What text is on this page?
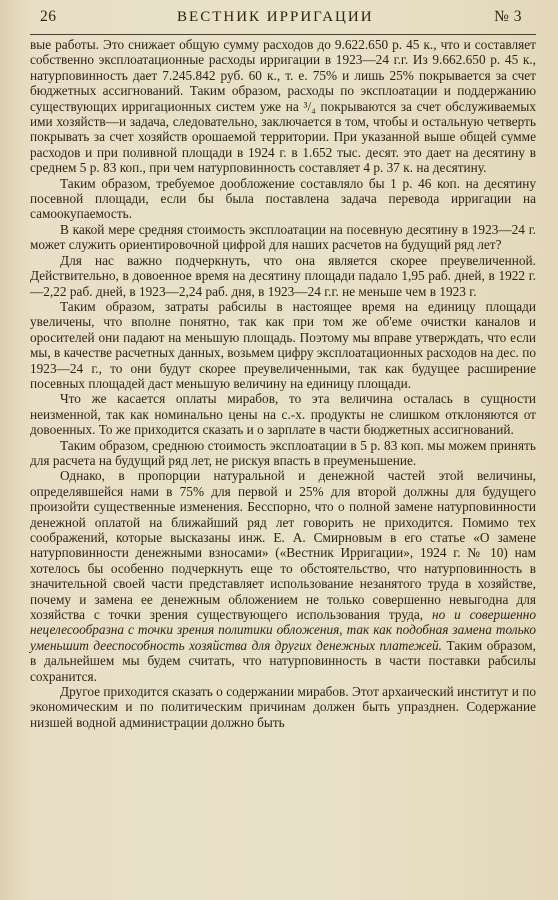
26	ВЕСТНИК ИРРИГАЦИИ	№ 3

вые работы. Это снижает общую сумму расходов до 9.622.650 р. 45 к., что и составляет собственно эксплоатационные расходы ирригации в 1923—24 г.г. Из 9.662.650 р. 45 к., натурповинность дает 7.245.842 руб. 60 к., т. е. 75% и лишь 25% покрывается за счет бюджетных ассигнований. Таким образом, расходы по эксплоатации и поддержанию существующих ирригационных систем уже на ³/₄ покрываются за счет обслуживаемых ими хозяйств—и задача, следовательно, заключается в том, чтобы и остальную четверть покрывать за счет хозяйств орошаемой территории. При указанной выше общей сумме расходов и при поливной площади в 1924 г. в 1.652 тыс. десят. это дает на десятину в среднем 5 р. 83 коп., при чем натурповинность составляет 4 р. 37 к. на десятину.

Таким образом, требуемое дообложение составляло бы 1 р. 46 коп. на десятину посевной площади, если бы была поставлена задача перевода ирригации на самоокупаемость.

В какой мере средняя стоимость эксплоатации на посевную десятину в 1923—24 г. может служить ориентировочной цифрой для наших расчетов на будущий ряд лет?

Для нас важно подчеркнуть, что она является скорее преувеличенной. Действительно, в довоенное время на десятину площади падало 1,95 раб. дней, в 1922 г.—2,22 раб. дней, в 1923—2,24 раб. дня, в 1923—24 г.г. не меньше чем в 1923 г.

Таким образом, затраты рабсилы в настоящее время на единицу площади увеличены, что вполне понятно, так как при том же об'еме очистки каналов и оросителей они падают на меньшую площадь. Поэтому мы вправе утверждать, что если мы, в качестве расчетных данных, возьмем цифру эксплоатационных расходов на дес. по 1923—24 г., то они будут скорее преувеличенными, так как будущее расширение посевных площадей даст меньшую величину на единицу площади.

Что же касается оплаты мирабов, то эта величина осталась в сущности неизменной, так как номинально цены на с.-х. продукты не слишком отклоняются от довоенных. То же приходится сказать и о зарплате в части бюджетных ассигнований.

Таким образом, среднюю стоимость эксплоатации в 5 р. 83 коп. мы можем принять для расчета на будущий ряд лет, не рискуя впасть в преуменьшение.

Однако, в пропорции натуральной и денежной частей этой величины, определявшейся нами в 75% для первой и 25% для второй должны для будущего произойти существенные изменения. Бесспорно, что о полной замене натурповинности денежной оплатой на ближайший ряд лет говорить не приходится. Помимо тех соображений, которые высказаны инж. Е. А. Смирновым в его статье «О замене натурповинности денежными взносами» («Вестник Ирригации», 1924 г. № 10) нам хотелось бы особенно подчеркнуть еще то обстоятельство, что натурповинность в значительной своей части представляет использование незанятого труда в хозяйстве, почему и замена ее денежным обложением не только совершенно невыгодна для хозяйства с точки зрения существующего использования труда, но и совершенно нецелесообразна с точки зрения политики обложения, так как подобная замена только уменьшит дееспособность хозяйства для других денежных платежей. Таким образом, в дальнейшем мы будем считать, что натурповинность в части поставки рабсилы сохранится.

Другое приходится сказать о содержании мирабов. Этот архаический институт и по экономическим и по политическим причинам должен быть упразднен. Содержание низшей водной администрации должно быть
